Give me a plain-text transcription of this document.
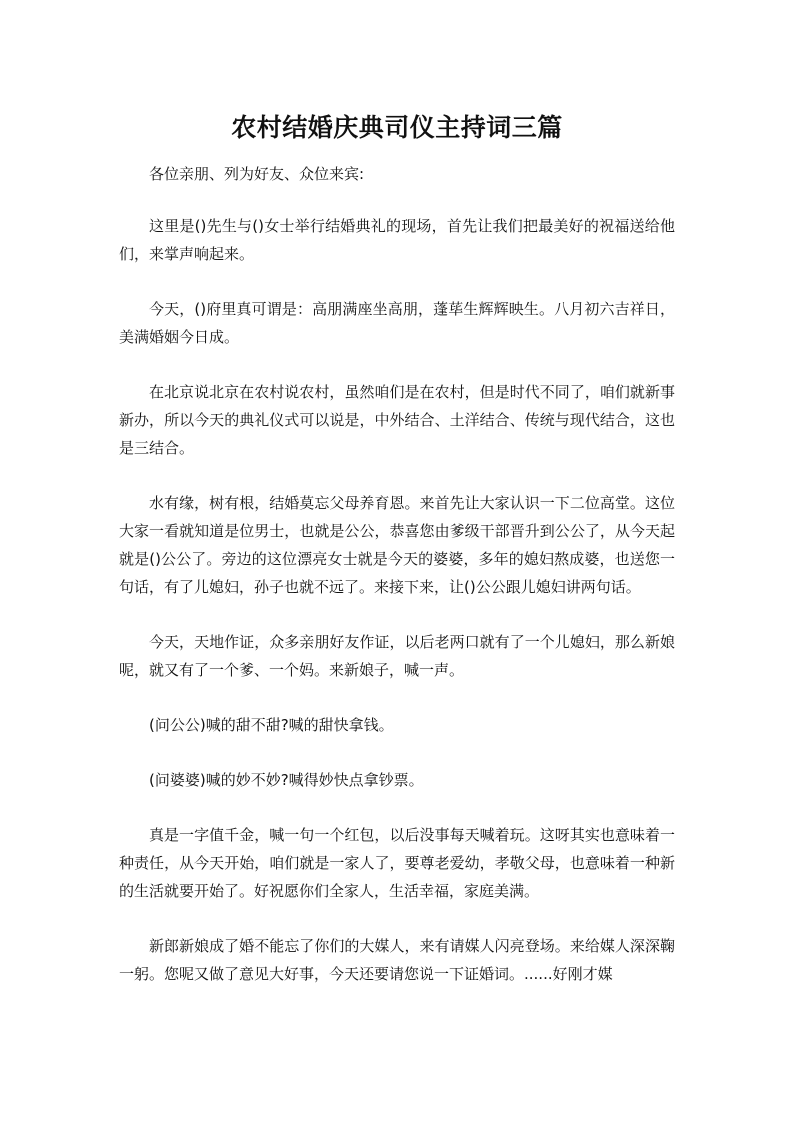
农村结婚庆典司仪主持词三篇

各位亲朋、列为好友、众位来宾:

这里是()先生与()女士举行结婚典礼的现场，首先让我们把最美好的祝福送给他们，来掌声响起来。

今天，()府里真可谓是：高朋满座坐高朋，蓬荜生辉辉映生。八月初六吉祥日，美满婚姻今日成。

在北京说北京在农村说农村，虽然咱们是在农村，但是时代不同了，咱们就新事新办，所以今天的典礼仪式可以说是，中外结合、土洋结合、传统与现代结合，这也是三结合。

水有缘，树有根，结婚莫忘父母养育恩。来首先让大家认识一下二位高堂。这位大家一看就知道是位男士，也就是公公，恭喜您由爹级干部晋升到公公了，从今天起就是()公公了。旁边的这位漂亮女士就是今天的婆婆，多年的媳妇熬成婆，也送您一句话，有了儿媳妇，孙子也就不远了。来接下来，让()公公跟儿媳妇讲两句话。

今天，天地作证，众多亲朋好友作证，以后老两口就有了一个儿媳妇，那么新娘呢，就又有了一个爹、一个妈。来新娘子，喊一声。

(问公公)喊的甜不甜?喊的甜快拿钱。

(问婆婆)喊的妙不妙?喊得妙快点拿钞票。

真是一字值千金，喊一句一个红包，以后没事每天喊着玩。这呀其实也意味着一种责任，从今天开始，咱们就是一家人了，要尊老爱幼，孝敬父母，也意味着一种新的生活就要开始了。好祝愿你们全家人，生活幸福，家庭美满。

新郎新娘成了婚不能忘了你们的大媒人，来有请媒人闪亮登场。来给媒人深深鞠一躬。您呢又做了意见大好事，今天还要请您说一下证婚词。......好刚才媒
